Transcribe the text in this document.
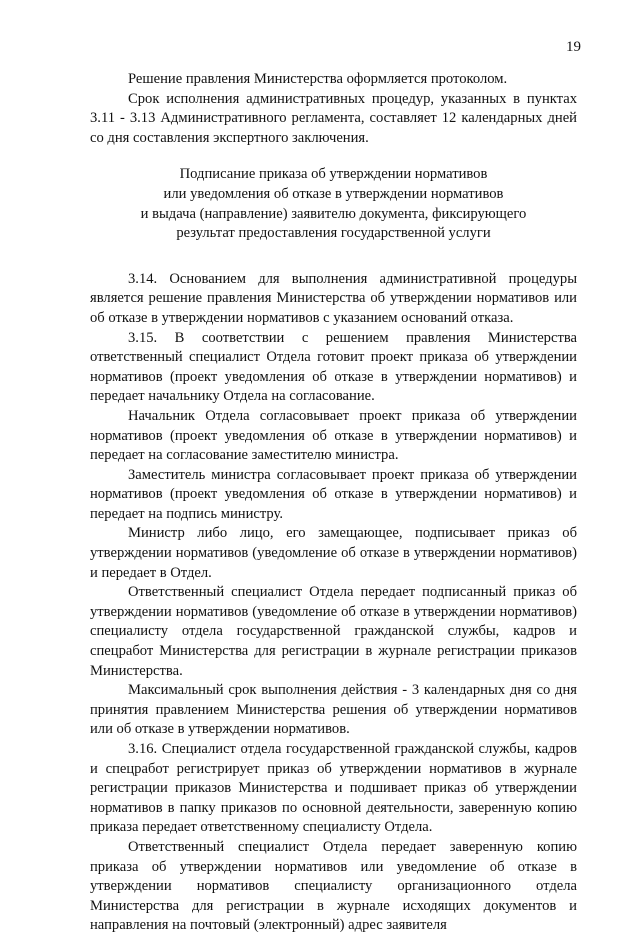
19

Решение правления Министерства оформляется протоколом.

Срок исполнения административных процедур, указанных в пунктах 3.11 - 3.13 Административного регламента, составляет 12 календарных дней со дня составления экспертного заключения.

Подписание приказа об утверждении нормативов
или уведомления об отказе в утверждении нормативов
и выдача (направление) заявителю документа, фиксирующего
результат предоставления государственной услуги

3.14. Основанием для выполнения административной процедуры является решение правления Министерства об утверждении нормативов или об отказе в утверждении нормативов с указанием оснований отказа.

3.15. В соответствии с решением правления Министерства ответственный специалист Отдела готовит проект приказа об утверждении нормативов (проект уведомления об отказе в утверждении нормативов) и передает начальнику Отдела на согласование.

Начальник Отдела согласовывает проект приказа об утверждении нормативов (проект уведомления об отказе в утверждении нормативов) и передает на согласование заместителю министра.

Заместитель министра согласовывает проект приказа об утверждении нормативов (проект уведомления об отказе в утверждении нормативов) и передает на подпись министру.

Министр либо лицо, его замещающее, подписывает приказ об утверждении нормативов (уведомление об отказе в утверждении нормативов) и передает в Отдел.

Ответственный специалист Отдела передает подписанный приказ об утверждении нормативов (уведомление об отказе в утверждении нормативов) специалисту отдела государственной гражданской службы, кадров и спецработ Министерства для регистрации в журнале регистрации приказов Министерства.

Максимальный срок выполнения действия - 3 календарных дня со дня принятия правлением Министерства решения об утверждении нормативов или об отказе в утверждении нормативов.

3.16. Специалист отдела государственной гражданской службы, кадров и спецработ регистрирует приказ об утверждении нормативов в журнале регистрации приказов Министерства и подшивает приказ об утверждении нормативов в папку приказов по основной деятельности, заверенную копию приказа передает ответственному специалисту Отдела.

Ответственный специалист Отдела передает заверенную копию приказа об утверждении нормативов или уведомление об отказе в утверждении нормативов специалисту организационного отдела Министерства для регистрации в журнале исходящих документов и направления на почтовый (электронный) адрес заявителя
